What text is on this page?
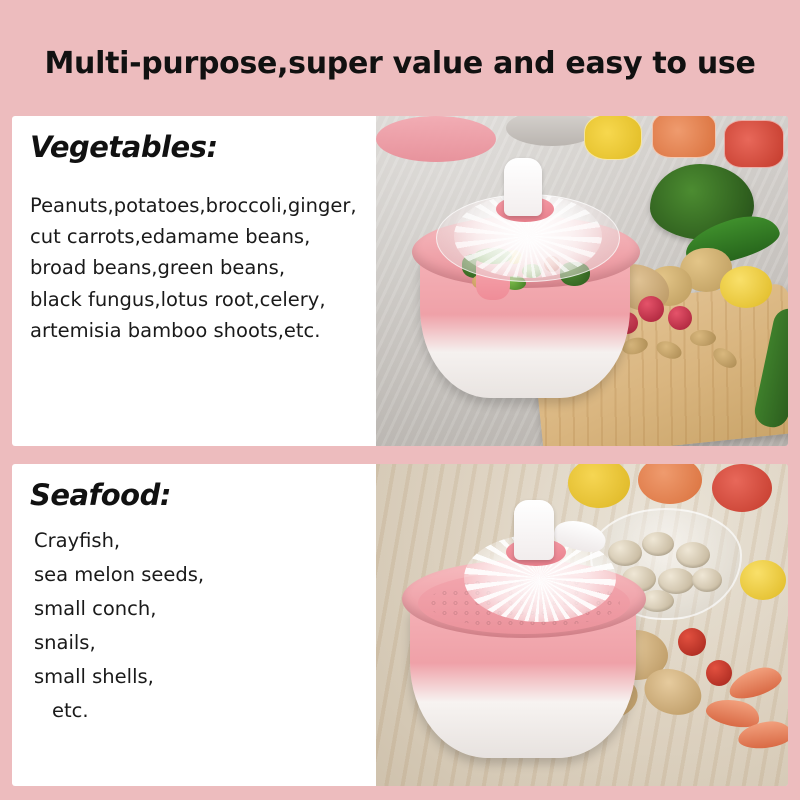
Multi-purpose,super value and easy to use
Vegetables:
Peanuts,potatoes,broccoli,ginger,
cut carrots,edamame beans,
broad beans,green beans,
black fungus,lotus root,celery,
artemisia bamboo shoots,etc.
Seafood:
Crayfish,
sea melon seeds,
small conch,
snails,
small shells,
etc.
